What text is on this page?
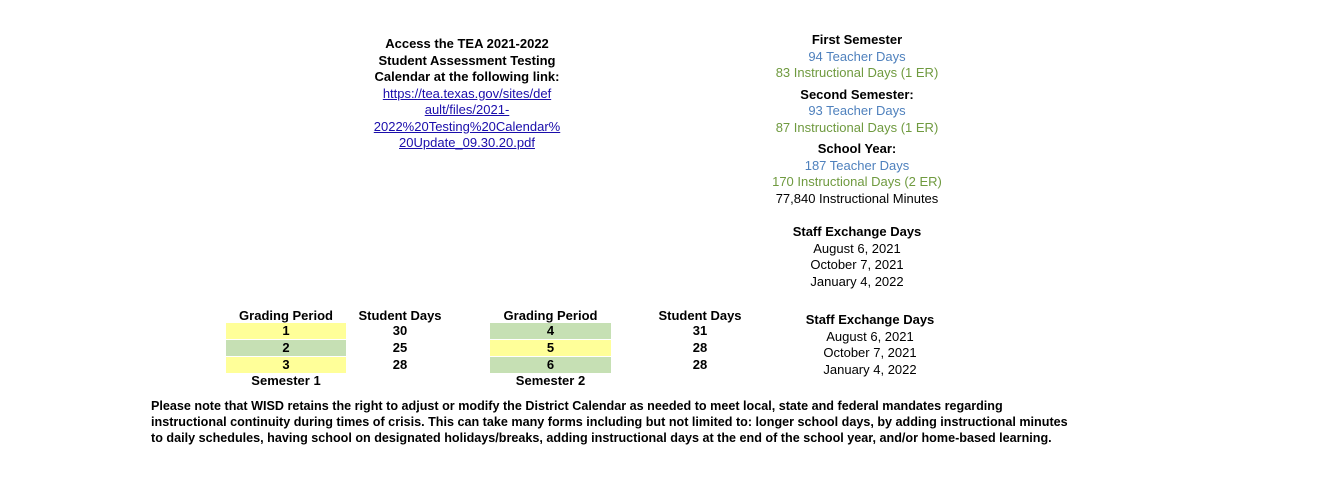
Access the TEA 2021-2022
Student Assessment Testing
Calendar at the following link:
https://tea.texas.gov/sites/def
ault/files/2021-
2022%20Testing%20Calendar%
20Update_09.30.20.pdf
First Semester
94 Teacher Days
83 Instructional Days (1 ER)
Second Semester:
93 Teacher Days
87 Instructional Days (1 ER)
School Year:
187 Teacher Days
170 Instructional Days (2 ER)
77,840 Instructional Minutes
Staff Exchange Days
August 6, 2021
October 7, 2021
January 4, 2022
Staff Exchange Days
August 6, 2021
October 7, 2021
January 4, 2022
Grading Period	Student Days
1
2
3
30
25
28
Semester 1
Grading Period	Student Days
4
5
6
31
28
28
Semester 2
Please note that WISD retains the right to adjust or modify the District Calendar as needed to meet local, state and federal mandates regarding
instructional continuity during times of crisis. This can take many forms including but not limited to: longer school days, by adding instructional minutes
to daily schedules, having school on designated holidays/breaks, adding instructional days at the end of the school year, and/or home-based learning.
